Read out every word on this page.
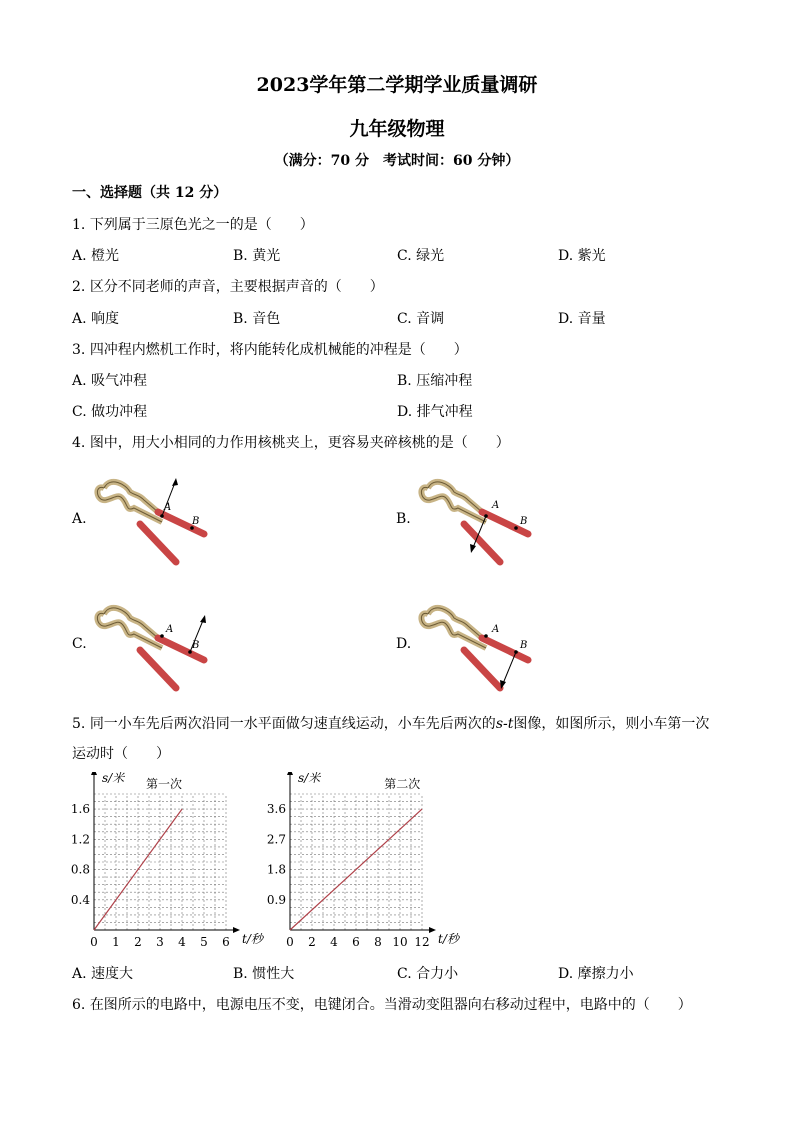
2023学年第二学期学业质量调研
九年级物理
（满分：70 分　考试时间：60 分钟）
一、选择题（共 12 分）
1. 下列属于三原色光之一的是（　　）
A. 橙光	B. 黄光	C. 绿光	D. 紫光
2. 区分不同老师的声音，主要根据声音的（　　）
A. 响度	B. 音色	C. 音调	D. 音量
3. 四冲程内燃机工作时，将内能转化成机械能的冲程是（　　）
A. 吸气冲程	B. 压缩冲程
C. 做功冲程	D. 排气冲程
4. 图中，用大小相同的力作用核桃夹上，更容易夹碎核桃的是（　　）
A.	B.
C.	D.
A
B
A
B
A
B
A
B
5. 同一小车先后两次沿同一水平面做匀速直线运动，小车先后两次的s-t图像，如图所示，则小车第一次
运动时（　　）
0 1 2 3 4 5 6
0.4
0.8
1.2
1.6
t/秒
s/米 第一次
0 2 4 6 8 10 12
0.9
1.8
2.7
3.6
t/秒
s/米	第二次
A. 速度大	B. 惯性大	C. 合力小	D. 摩擦力小
6. 在图所示的电路中，电源电压不变，电键闭合。当滑动变阻器向右移动过程中，电路中的（　　）
